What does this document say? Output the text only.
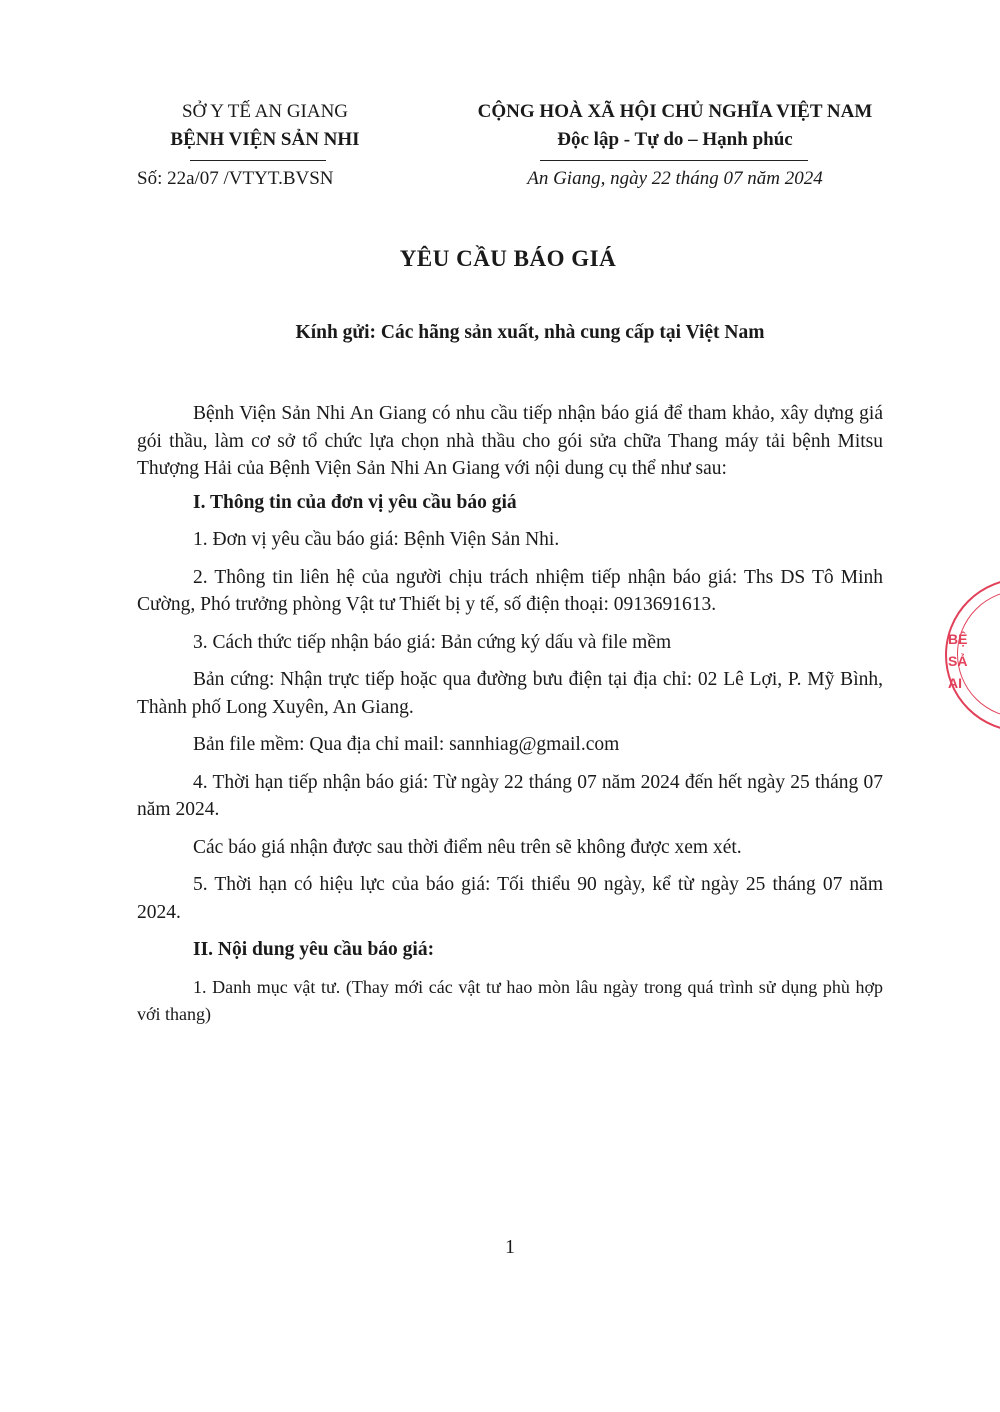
SỞ Y TẾ AN GIANG
BỆNH VIỆN SẢN NHI
Số: 22a/07 /VTYT.BVSN
CỘNG HOÀ XÃ HỘI CHỦ NGHĨA VIỆT NAM
Độc lập - Tự do – Hạnh phúc
An Giang, ngày 22 tháng 07 năm 2024
YÊU CẦU BÁO GIÁ
Kính gửi: Các hãng sản xuất, nhà cung cấp tại Việt Nam

Bệnh Viện Sản Nhi An Giang có nhu cầu tiếp nhận báo giá để tham khảo, xây dựng giá gói thầu, làm cơ sở tổ chức lựa chọn nhà thầu cho gói sửa chữa Thang máy tải bệnh Mitsu Thượng Hải của Bệnh Viện Sản Nhi An Giang với nội dung cụ thể như sau:

I. Thông tin của đơn vị yêu cầu báo giá

1. Đơn vị yêu cầu báo giá: Bệnh Viện Sản Nhi.

2. Thông tin liên hệ của người chịu trách nhiệm tiếp nhận báo giá: Ths DS Tô Minh Cường, Phó trưởng phòng Vật tư Thiết bị y tế, số điện thoại: 0913691613.

3. Cách thức tiếp nhận báo giá: Bản cứng ký dấu và file mềm

Bản cứng: Nhận trực tiếp hoặc qua đường bưu điện tại địa chỉ: 02 Lê Lợi, P. Mỹ Bình, Thành phố Long Xuyên, An Giang.

Bản file mềm: Qua địa chỉ mail: sannhiag@gmail.com

4. Thời hạn tiếp nhận báo giá: Từ ngày 22 tháng 07 năm 2024 đến hết ngày 25 tháng 07 năm 2024.

Các báo giá nhận được sau thời điểm nêu trên sẽ không được xem xét.

5. Thời hạn có hiệu lực của báo giá: Tối thiểu 90 ngày, kể từ ngày 25 tháng 07 năm 2024.

II. Nội dung yêu cầu báo giá:

1. Danh mục vật tư. (Thay mới các vật tư hao mòn lâu ngày trong quá trình sử dụng phù hợp với thang)

1
BỆ
SẢ
AI
